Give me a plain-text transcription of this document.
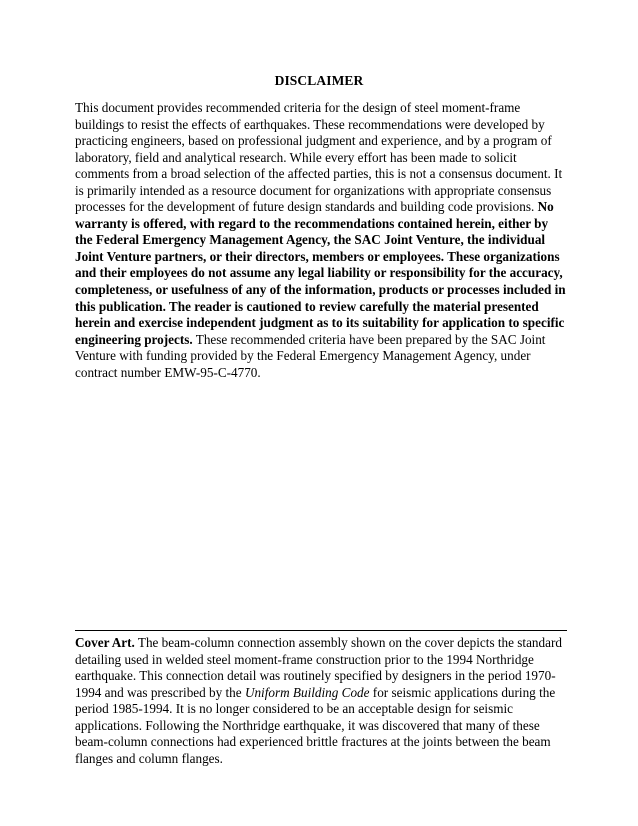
DISCLAIMER

This document provides recommended criteria for the design of steel moment-frame buildings to resist the effects of earthquakes. These recommendations were developed by practicing engineers, based on professional judgment and experience, and by a program of laboratory, field and analytical research. While every effort has been made to solicit comments from a broad selection of the affected parties, this is not a consensus document. It is primarily intended as a resource document for organizations with appropriate consensus processes for the development of future design standards and building code provisions. No warranty is offered, with regard to the recommendations contained herein, either by the Federal Emergency Management Agency, the SAC Joint Venture, the individual Joint Venture partners, or their directors, members or employees. These organizations and their employees do not assume any legal liability or responsibility for the accuracy, completeness, or usefulness of any of the information, products or processes included in this publication. The reader is cautioned to review carefully the material presented herein and exercise independent judgment as to its suitability for application to specific engineering projects. These recommended criteria have been prepared by the SAC Joint Venture with funding provided by the Federal Emergency Management Agency, under contract number EMW-95-C-4770.

Cover Art. The beam-column connection assembly shown on the cover depicts the standard detailing used in welded steel moment-frame construction prior to the 1994 Northridge earthquake. This connection detail was routinely specified by designers in the period 1970-1994 and was prescribed by the Uniform Building Code for seismic applications during the period 1985-1994. It is no longer considered to be an acceptable design for seismic applications. Following the Northridge earthquake, it was discovered that many of these beam-column connections had experienced brittle fractures at the joints between the beam flanges and column flanges.
